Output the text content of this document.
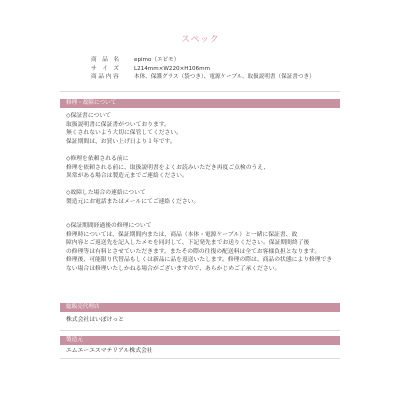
スペック
商　品　名	epimo（エピモ）
サ　イ　ズ	L214mm×W220×H106mm
商 品 内 容	本体、保護グラス（袋つき）、電源ケーブル、取扱説明書（保証書つき）
修理・故障について
◇保証書について
取扱説明書に保証書がついております。
無くされないよう大切に保管してください。
保証期間は、お買い上げ日より１年です。
◇修理を依頼される前に
修理を依頼される前に、取扱説明書をよくお読みいただき再度ご点検のうえ、
異常がある場合は製造元までご連絡ください。
◇故障した場合の連絡について
製造元にお電話またはメールにてご連絡ください。
◇保証期間経過後の修理について
修理時については、保証期間内または、商品（本体・電源ケーブル）と一緒に保証書、故
障内容とご返送先を記入したメモを同封して、下記発先までお送りください。保証期間終了後
の修理等は有料とさせていただきます。またその際の往復の配送料は全てお客様負担となります。
修理後、可能限り代替品もしくは新品に品を返送いたします。修理の際は、商品の状態により修理でき
ない場合は修理いたしかねる場合がございますので、あらかじめご了承ください。
総販売代理店
株式会社はいぽけっと
製造元
エムエーエスマテリアル株式会社
